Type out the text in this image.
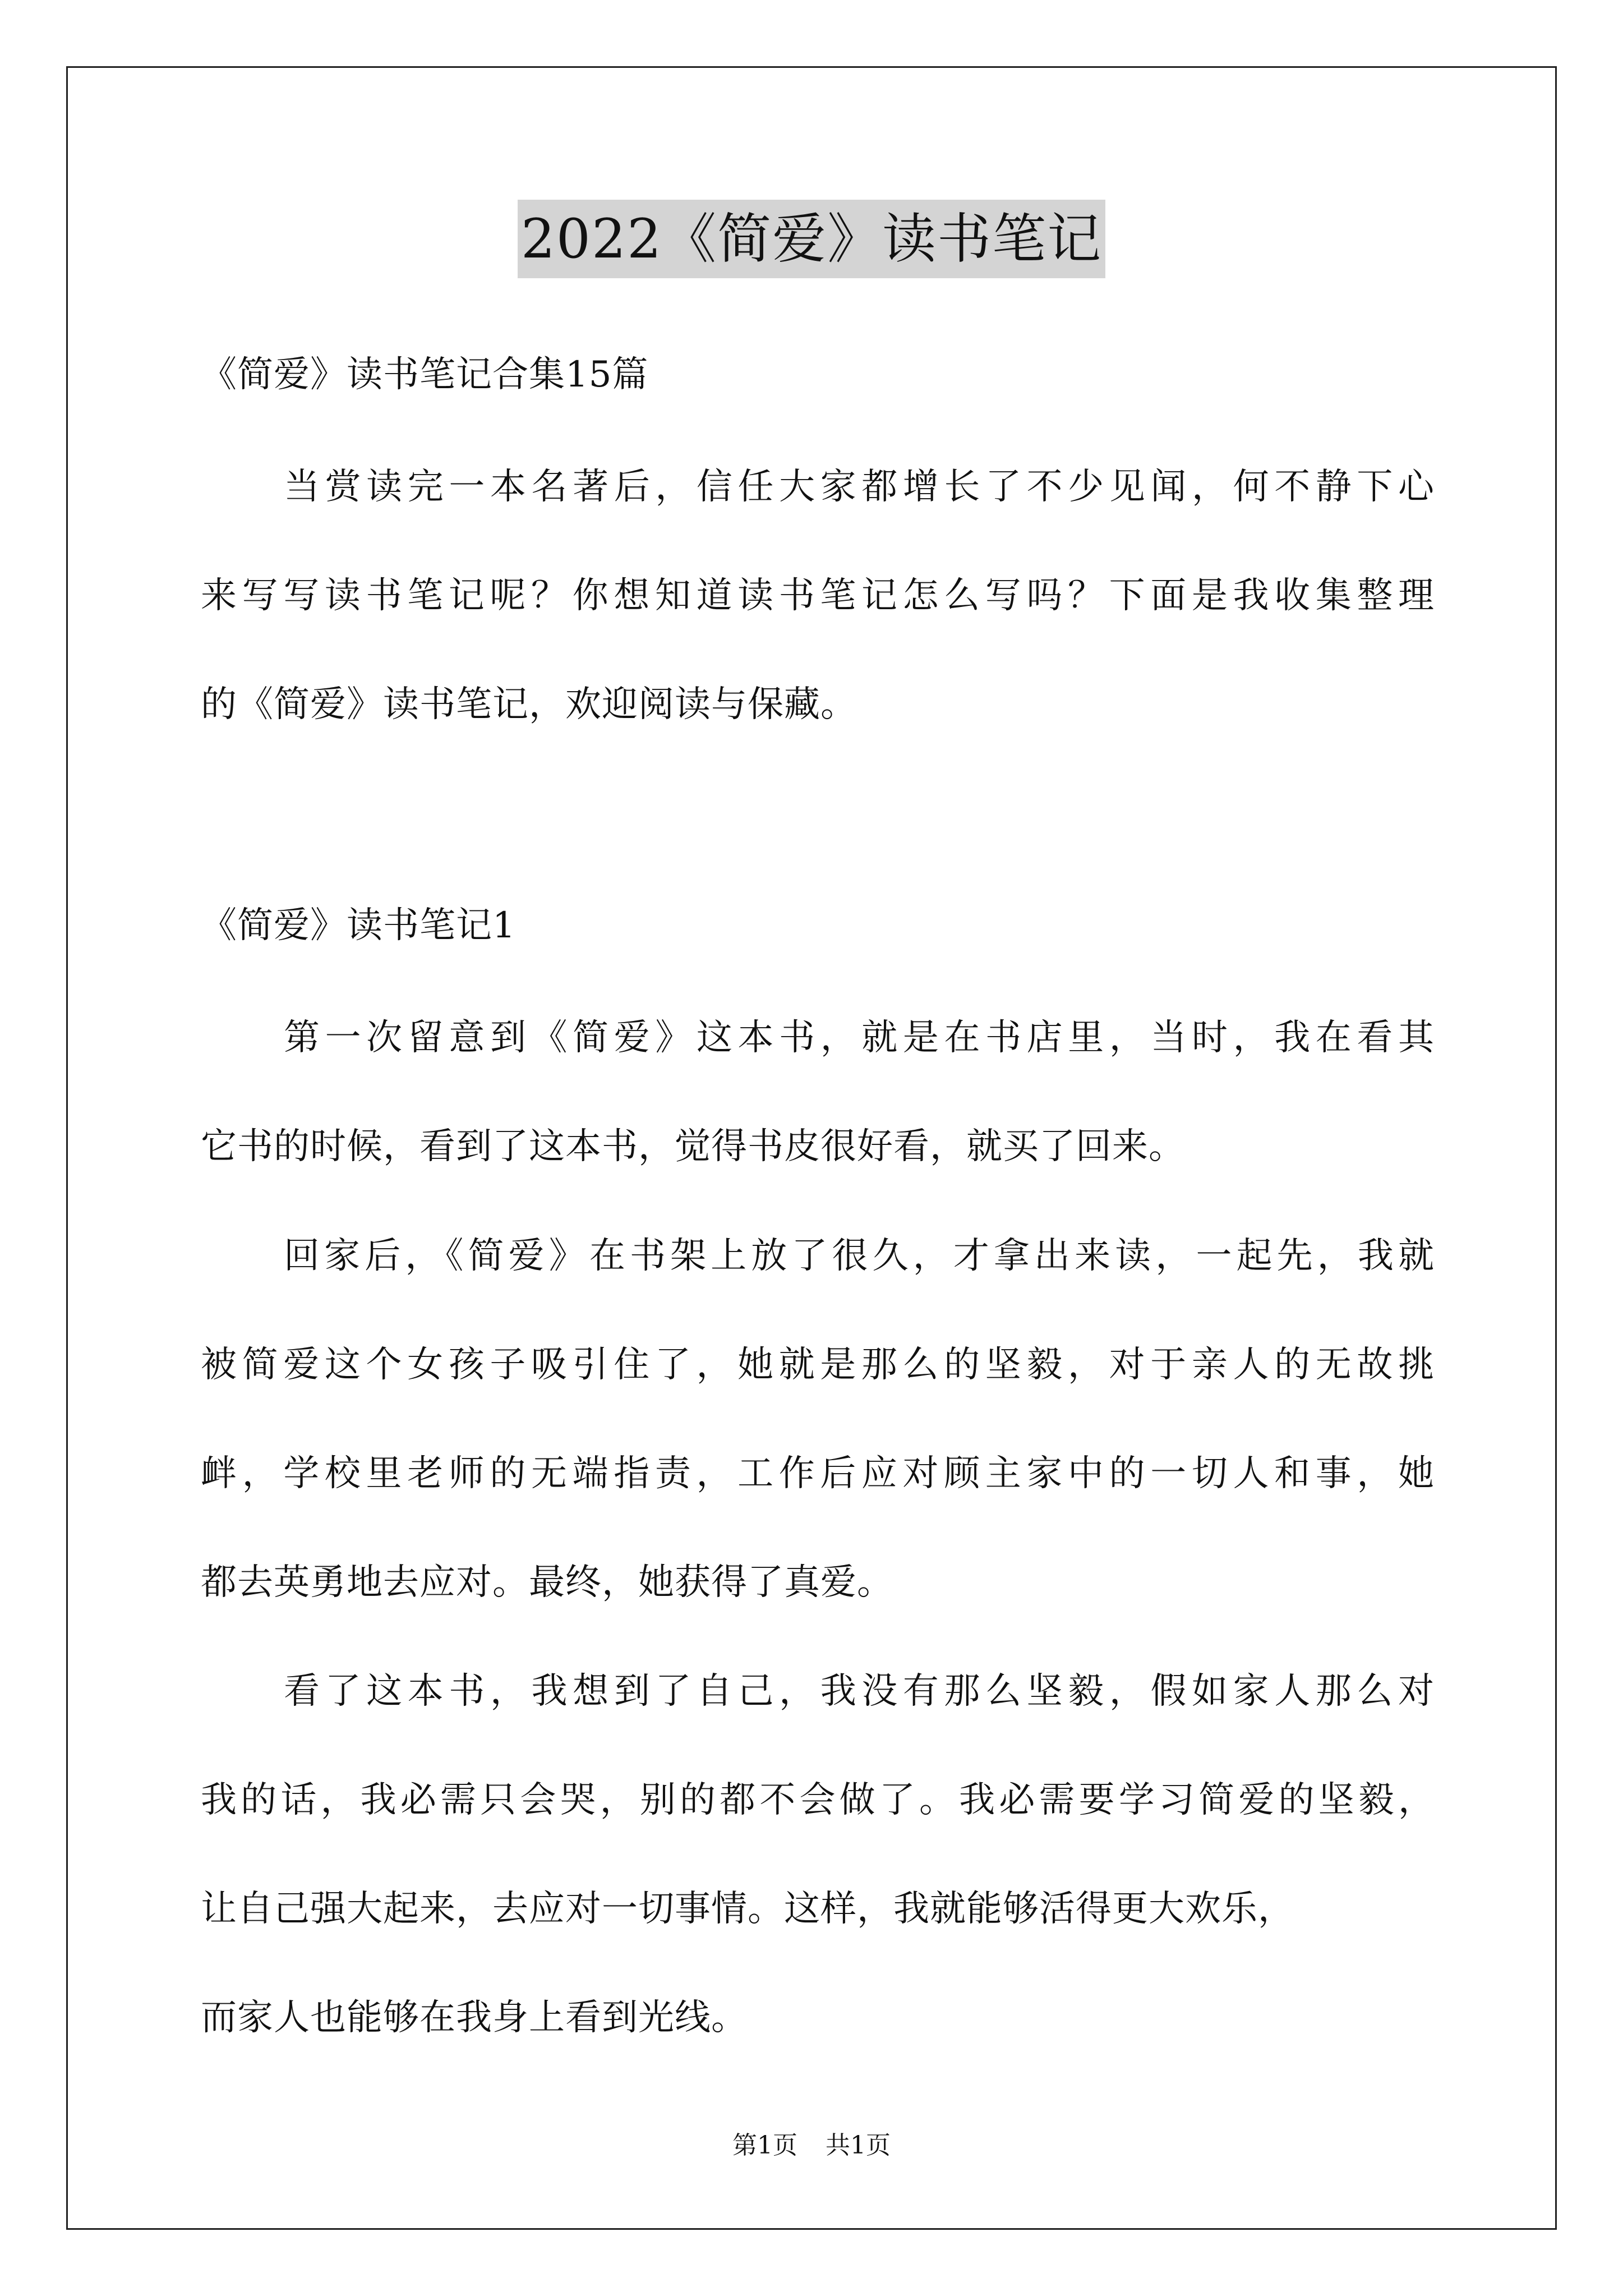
2022《简爱》读书笔记
《简爱》读书笔记合集15篇
当赏读完一本名著后，信任大家都增长了不少见闻，何不静下心
来写写读书笔记呢？你想知道读书笔记怎么写吗？下面是我收集整理
的《简爱》读书笔记，欢迎阅读与保藏。
《简爱》读书笔记1
第一次留意到《简爱》这本书，就是在书店里，当时，我在看其
它书的时候，看到了这本书，觉得书皮很好看，就买了回来。
回家后，《简爱》在书架上放了很久，才拿出来读，一起先，我就
被简爱这个女孩子吸引住了，她就是那么的坚毅，对于亲人的无故挑
衅，学校里老师的无端指责，工作后应对顾主家中的一切人和事，她
都去英勇地去应对。最终，她获得了真爱。
看了这本书，我想到了自己，我没有那么坚毅，假如家人那么对
我的话，我必需只会哭，别的都不会做了。我必需要学习简爱的坚毅，
让自己强大起来，去应对一切事情。这样，我就能够活得更大欢乐，
而家人也能够在我身上看到光线。
第1页 共1页
